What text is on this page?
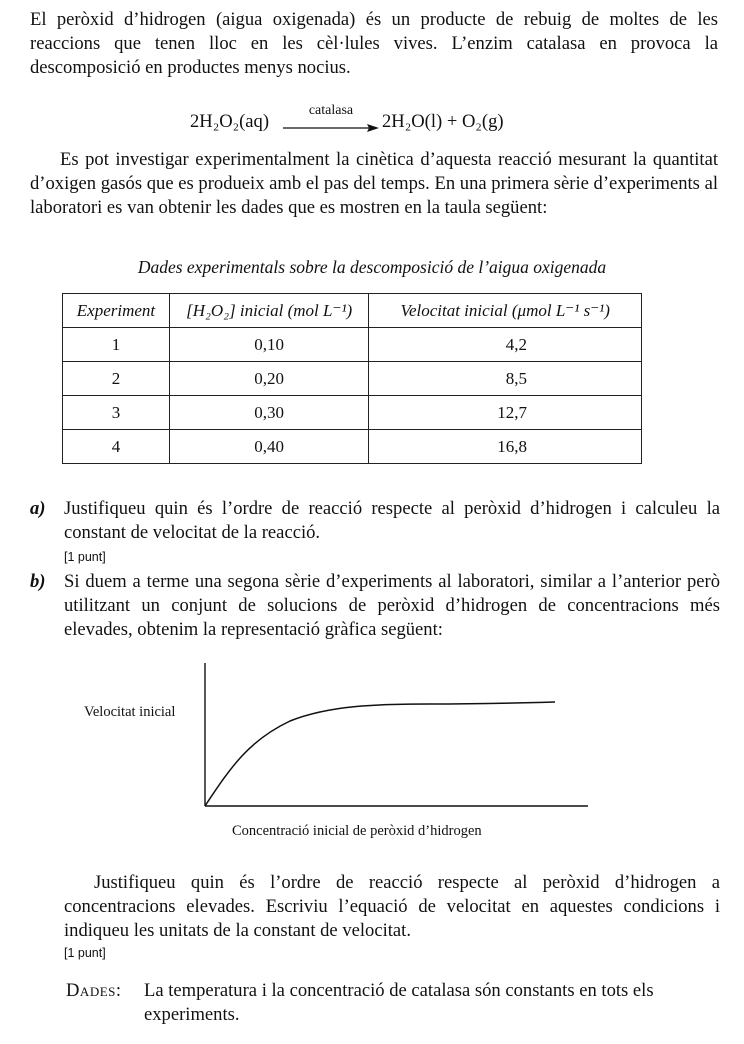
El peròxid d’hidrogen (aigua oxigenada) és un producte de rebuig de moltes de les reaccions que tenen lloc en les cèl·lules vives. L’enzim catalasa en provoca la descomposició en productes menys nocius.
2H₂O₂(aq)
catalasa
2H₂O(l) + O₂(g)
Es pot investigar experimentalment la cinètica d’aquesta reacció mesurant la quantitat d’oxigen gasós que es produeix amb el pas del temps. En una primera sèrie d’experiments al laboratori es van obtenir les dades que es mostren en la taula següent:
Dades experimentals sobre la descomposició de l’aigua oxigenada
Experiment	[H₂O₂] inicial (mol L⁻¹)	Velocitat inicial (μmol L⁻¹ s⁻¹)
1	0,10	4,2
2	0,20	8,5
3	0,30	12,7
4	0,40	16,8
a) Justifiqueu quin és l’ordre de reacció respecte al peròxid d’hidrogen i calculeu la constant de velocitat de la reacció.
[1 punt]
b) Si duem a terme una segona sèrie d’experiments al laboratori, similar a l’anterior però utilitzant un conjunt de solucions de peròxid d’hidrogen de concentracions més elevades, obtenim la representació gràfica següent:
Velocitat inicial
Concentració inicial de peròxid d’hidrogen
Justifiqueu quin és l’ordre de reacció respecte al peròxid d’hidrogen a concentracions elevades. Escriviu l’equació de velocitat en aquestes condicions i indiqueu les unitats de la constant de velocitat.
[1 punt]
Dades: La temperatura i la concentració de catalasa són constants en tots els experiments.
